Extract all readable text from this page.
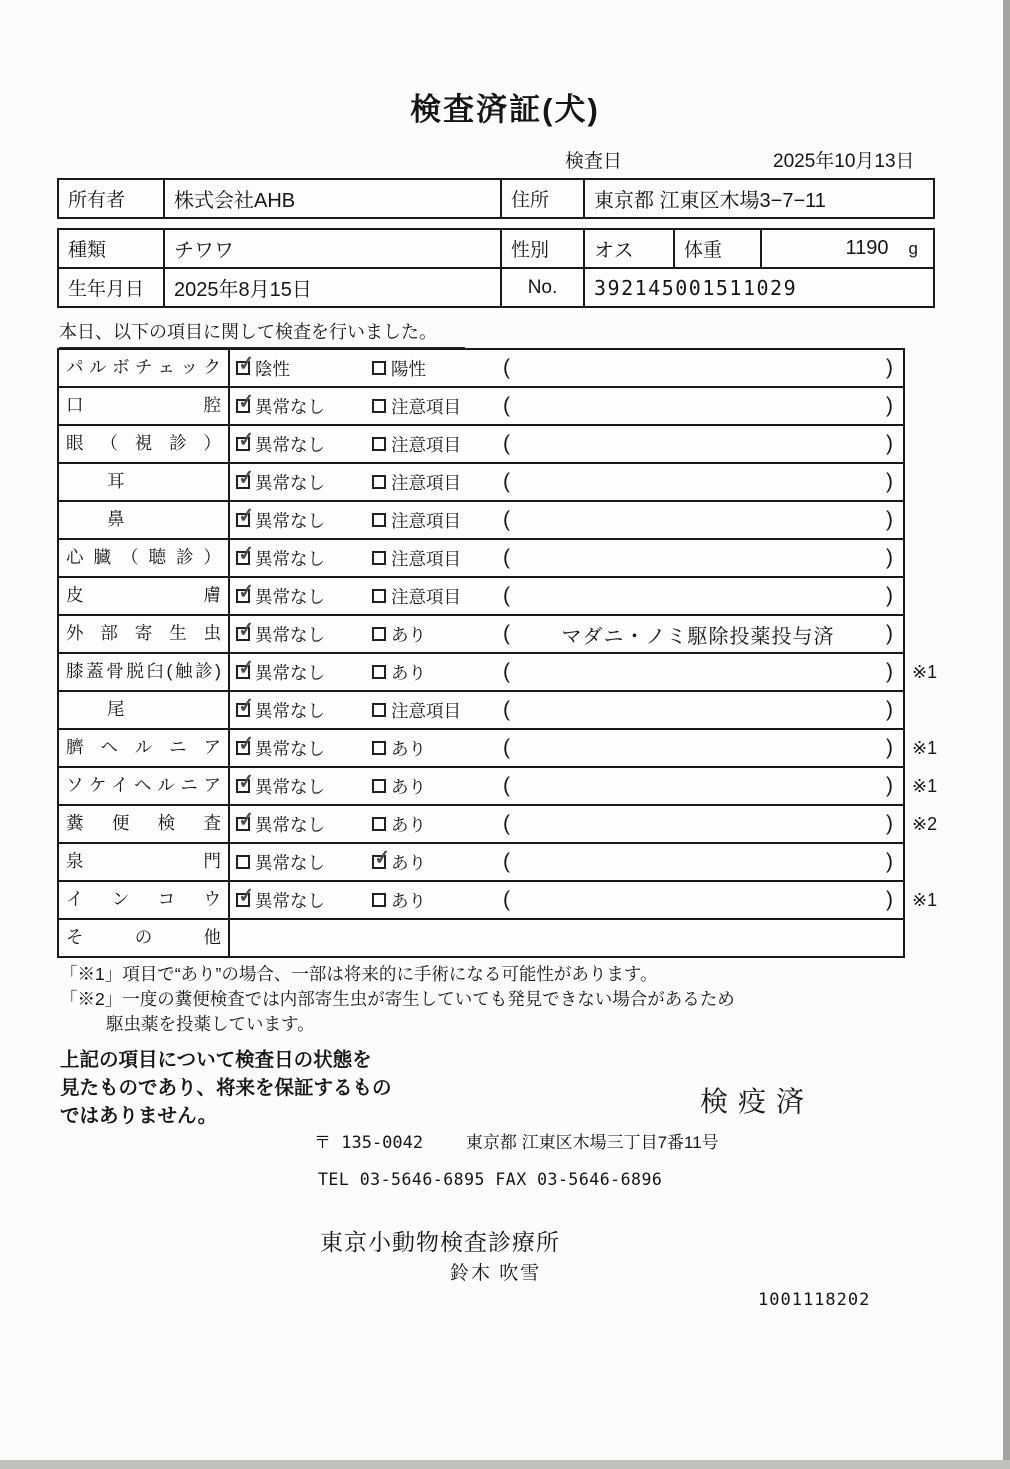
検査済証(犬)
検査日	2025年10月13日
所有者	株式会社AHB	住所	東京都 江東区木場3−7−11
種類	チワワ	性別	オス	体重	1190 g
生年月日	2025年8月15日	No.	392145001511029
本日、以下の項目に関して検査を行いました。
パルボチェック ✓ 陰性	陽性	(	)
口腔 ✓ 異常なし	注意項目 (	)
眼（視診） ✓ 異常なし	注意項目 (	)
耳	✓ 異常なし	注意項目 (	)
鼻	✓ 異常なし	注意項目 (	)
心臓（聴診） ✓ 異常なし	注意項目 (	)
皮膚 ✓ 異常なし	注意項目 (	)
外部寄生虫 ✓ 異常なし	あり	(	マダニ・ノミ駆除投薬投与済 )
膝蓋骨脱臼(触診) ✓ 異常なし	あり	(	)	※1
尾	✓ 異常なし	注意項目 (	)
臍ヘルニア ✓ 異常なし	あり	(	)	※1
ソケイヘルニア ✓ 異常なし	あり	(	)	※1
糞便検査 ✓ 異常なし	あり	(	)	※2
泉門	異常なし ✓ あり	(	)
インコウ ✓ 異常なし	あり	(	)	※1
その他
「※1」項目で“あり”の場合、一部は将来的に手術になる可能性があります。
「※2」一度の糞便検査では内部寄生虫が寄生していても発見できない場合があるため
駆虫薬を投薬しています。
上記の項目について検査日の状態を
見たものであり、将来を保証するもの
ではありません。	検疫済
〒 135-0042	東京都 江東区木場三丁目7番11号
TEL 03-5646-6895 FAX 03-5646-6896
東京小動物検査診療所
鈴木 吹雪
1001118202
